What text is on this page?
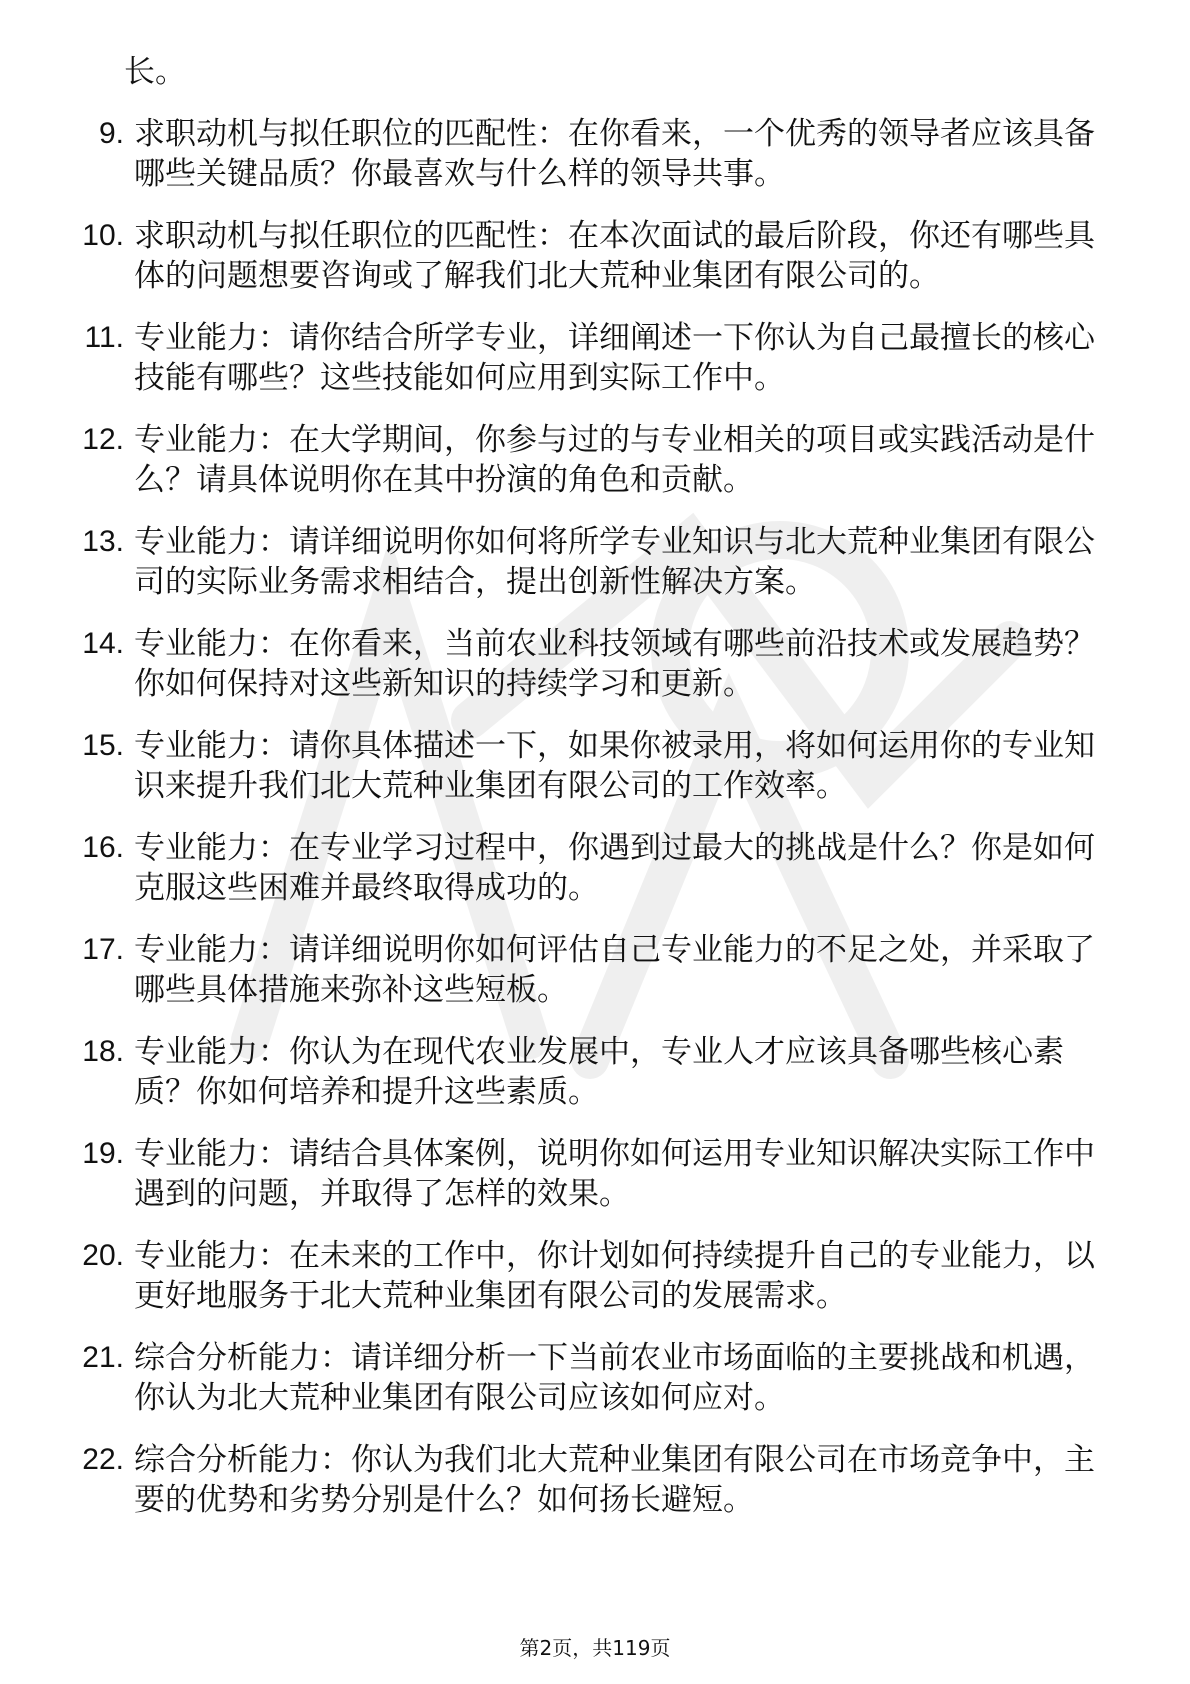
长。
9. 求职动机与拟任职位的匹配性：在你看来，一个优秀的领导者应该具备哪些关键品质？你最喜欢与什么样的领导共事。
10. 求职动机与拟任职位的匹配性：在本次面试的最后阶段，你还有哪些具体的问题想要咨询或了解我们北大荒种业集团有限公司的。
11. 专业能力：请你结合所学专业，详细阐述一下你认为自己最擅长的核心技能有哪些？这些技能如何应用到实际工作中。
12. 专业能力：在大学期间，你参与过的与专业相关的项目或实践活动是什么？请具体说明你在其中扮演的角色和贡献。
13. 专业能力：请详细说明你如何将所学专业知识与北大荒种业集团有限公司的实际业务需求相结合，提出创新性解决方案。
14. 专业能力：在你看来，当前农业科技领域有哪些前沿技术或发展趋势？你如何保持对这些新知识的持续学习和更新。
15. 专业能力：请你具体描述一下，如果你被录用，将如何运用你的专业知识来提升我们北大荒种业集团有限公司的工作效率。
16. 专业能力：在专业学习过程中，你遇到过最大的挑战是什么？你是如何克服这些困难并最终取得成功的。
17. 专业能力：请详细说明你如何评估自己专业能力的不足之处，并采取了哪些具体措施来弥补这些短板。
18. 专业能力：你认为在现代农业发展中，专业人才应该具备哪些核心素质？你如何培养和提升这些素质。
19. 专业能力：请结合具体案例，说明你如何运用专业知识解决实际工作中遇到的问题，并取得了怎样的效果。
20. 专业能力：在未来的工作中，你计划如何持续提升自己的专业能力，以更好地服务于北大荒种业集团有限公司的发展需求。
21. 综合分析能力：请详细分析一下当前农业市场面临的主要挑战和机遇，你认为北大荒种业集团有限公司应该如何应对。
22. 综合分析能力：你认为我们北大荒种业集团有限公司在市场竞争中，主要的优势和劣势分别是什么？如何扬长避短。
第2页，共119页
